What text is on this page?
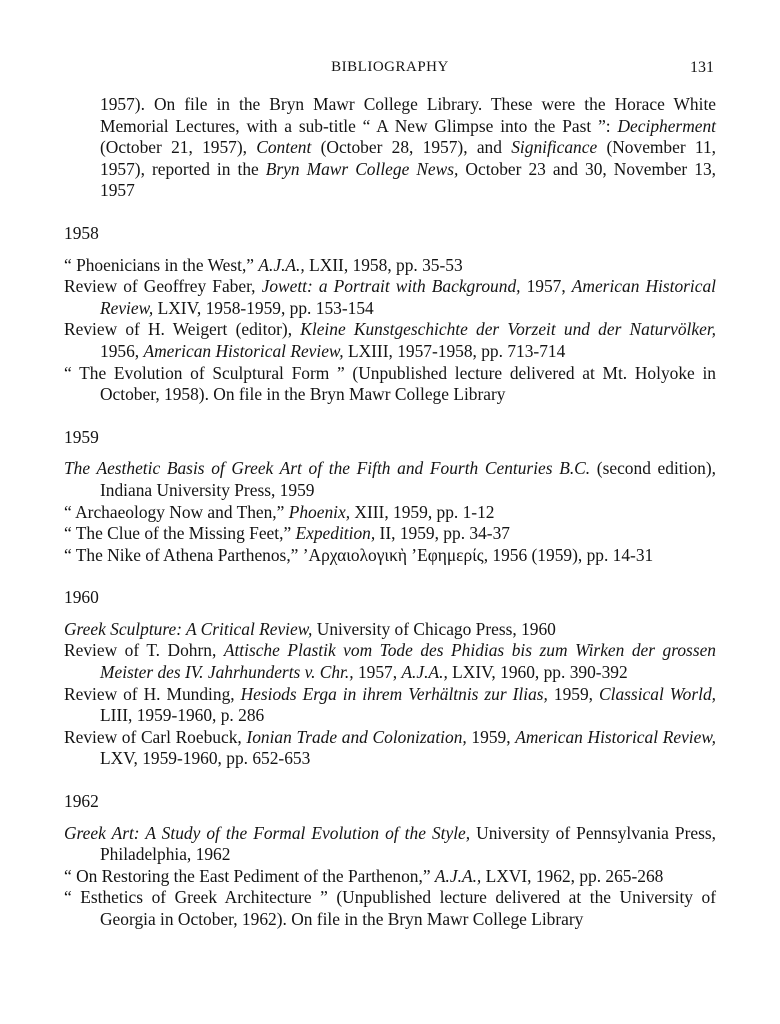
BIBLIOGRAPHY	131

1957). On file in the Bryn Mawr College Library. These were the Horace White Memorial Lectures, with a sub-title “ A New Glimpse into the Past ”: Decipherment (October 21, 1957), Content (October 28, 1957), and Significance (November 11, 1957), reported in the Bryn Mawr College News, October 23 and 30, November 13, 1957

1958

“ Phoenicians in the West,” A.J.A., LXII, 1958, pp. 35-53

Review of Geoffrey Faber, Jowett: a Portrait with Background, 1957, American Historical Review, LXIV, 1958-1959, pp. 153-154

Review of H. Weigert (editor), Kleine Kunstgeschichte der Vorzeit und der Naturvölker, 1956, American Historical Review, LXIII, 1957-1958, pp. 713-714

“ The Evolution of Sculptural Form ” (Unpublished lecture delivered at Mt. Holyoke in October, 1958). On file in the Bryn Mawr College Library

1959

The Aesthetic Basis of Greek Art of the Fifth and Fourth Centuries B.C. (second edition), Indiana University Press, 1959

“ Archaeology Now and Then,” Phoenix, XIII, 1959, pp. 1-12

“ The Clue of the Missing Feet,” Expedition, II, 1959, pp. 34-37

“ The Nike of Athena Parthenos,” ’Αρχαιολογικὴ ’Εφημερίς, 1956 (1959), pp. 14-31

1960

Greek Sculpture: A Critical Review, University of Chicago Press, 1960

Review of T. Dohrn, Attische Plastik vom Tode des Phidias bis zum Wirken der grossen Meister des IV. Jahrhunderts v. Chr., 1957, A.J.A., LXIV, 1960, pp. 390-392

Review of H. Munding, Hesiods Erga in ihrem Verhältnis zur Ilias, 1959, Classical World, LIII, 1959-1960, p. 286

Review of Carl Roebuck, Ionian Trade and Colonization, 1959, American Historical Review, LXV, 1959-1960, pp. 652-653

1962

Greek Art: A Study of the Formal Evolution of the Style, University of Pennsylvania Press, Philadelphia, 1962

“ On Restoring the East Pediment of the Parthenon,” A.J.A., LXVI, 1962, pp. 265-268

“ Esthetics of Greek Architecture ” (Unpublished lecture delivered at the University of Georgia in October, 1962). On file in the Bryn Mawr College Library
